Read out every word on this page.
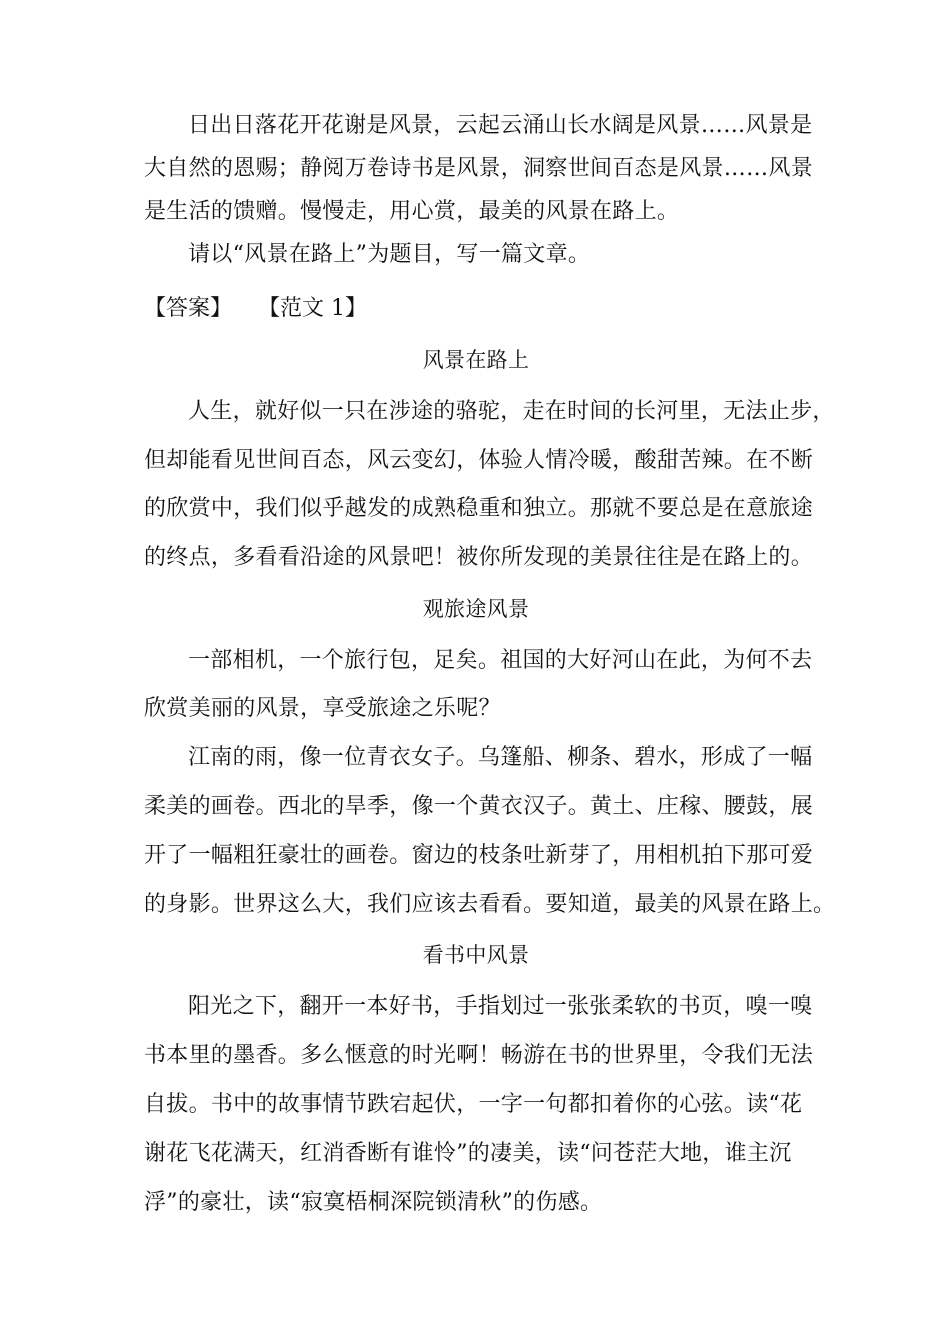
日出日落花开花谢是风景，云起云涌山长水阔是风景……风景是
大自然的恩赐；静阅万卷诗书是风景，洞察世间百态是风景……风景
是生活的馈赠。慢慢走，用心赏，最美的风景在路上。
请以“风景在路上”为题目，写一篇文章。
【答案】 【范文 1】
风景在路上
人生，就好似一只在涉途的骆驼，走在时间的长河里，无法止步，
但却能看见世间百态，风云变幻，体验人情冷暖，酸甜苦辣。在不断
的欣赏中，我们似乎越发的成熟稳重和独立。那就不要总是在意旅途
的终点，多看看沿途的风景吧！被你所发现的美景往往是在路上的。
观旅途风景
一部相机，一个旅行包，足矣。祖国的大好河山在此，为何不去
欣赏美丽的风景，享受旅途之乐呢？
江南的雨，像一位青衣女子。乌篷船、柳条、碧水，形成了一幅
柔美的画卷。西北的旱季，像一个黄衣汉子。黄土、庄稼、腰鼓，展
开了一幅粗狂豪壮的画卷。窗边的枝条吐新芽了，用相机拍下那可爱
的身影。世界这么大，我们应该去看看。要知道，最美的风景在路上。
看书中风景
阳光之下，翻开一本好书，手指划过一张张柔软的书页，嗅一嗅
书本里的墨香。多么惬意的时光啊！畅游在书的世界里，令我们无法
自拔。书中的故事情节跌宕起伏，一字一句都扣着你的心弦。读“花
谢花飞花满天，红消香断有谁怜”的凄美，读“问苍茫大地，谁主沉
浮”的豪壮，读“寂寞梧桐深院锁清秋”的伤感。
